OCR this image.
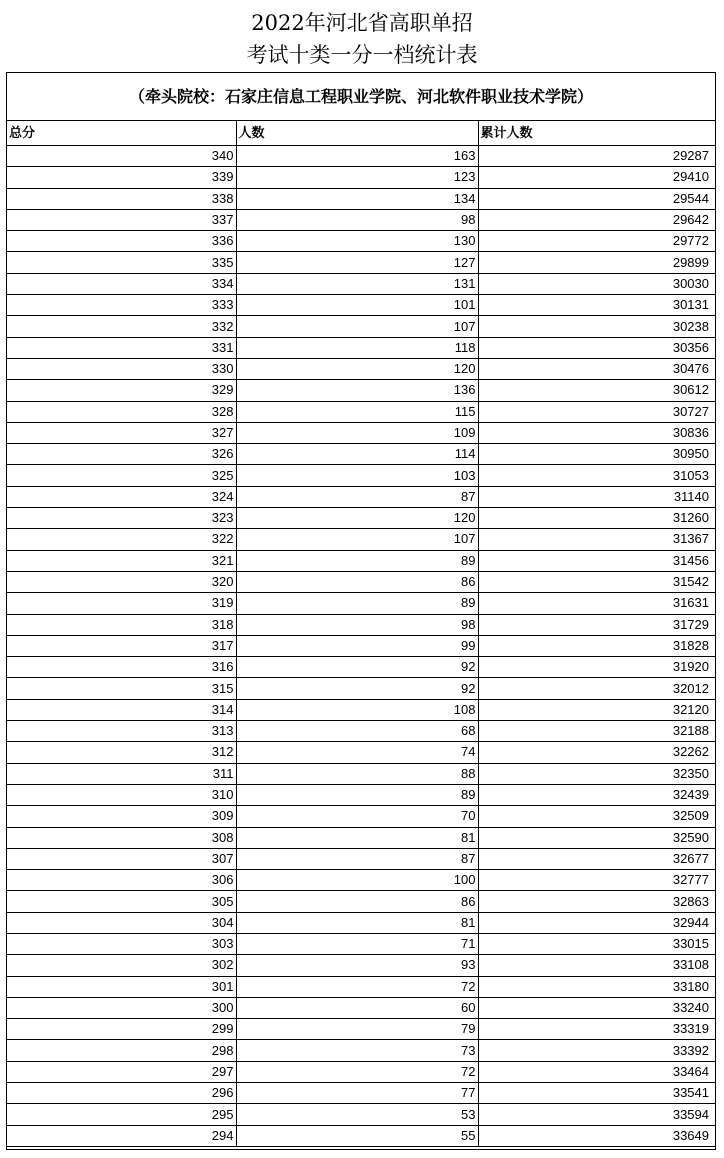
2022年河北省高职单招
考试十类一分一档统计表
（牵头院校：石家庄信息工程职业学院、河北软件职业技术学院）
总分	人数	累计人数
340	163	29287
339	123	29410
338	134	29544
337	98	29642
336	130	29772
335	127	29899
334	131	30030
333	101	30131
332	107	30238
331	118	30356
330	120	30476
329	136	30612
328	115	30727
327	109	30836
326	114	30950
325	103	31053
324	87	31140
323	120	31260
322	107	31367
321	89	31456
320	86	31542
319	89	31631
318	98	31729
317	99	31828
316	92	31920
315	92	32012
314	108	32120
313	68	32188
312	74	32262
311	88	32350
310	89	32439
309	70	32509
308	81	32590
307	87	32677
306	100	32777
305	86	32863
304	81	32944
303	71	33015
302	93	33108
301	72	33180
300	60	33240
299	79	33319
298	73	33392
297	72	33464
296	77	33541
295	53	33594
294	55	33649
